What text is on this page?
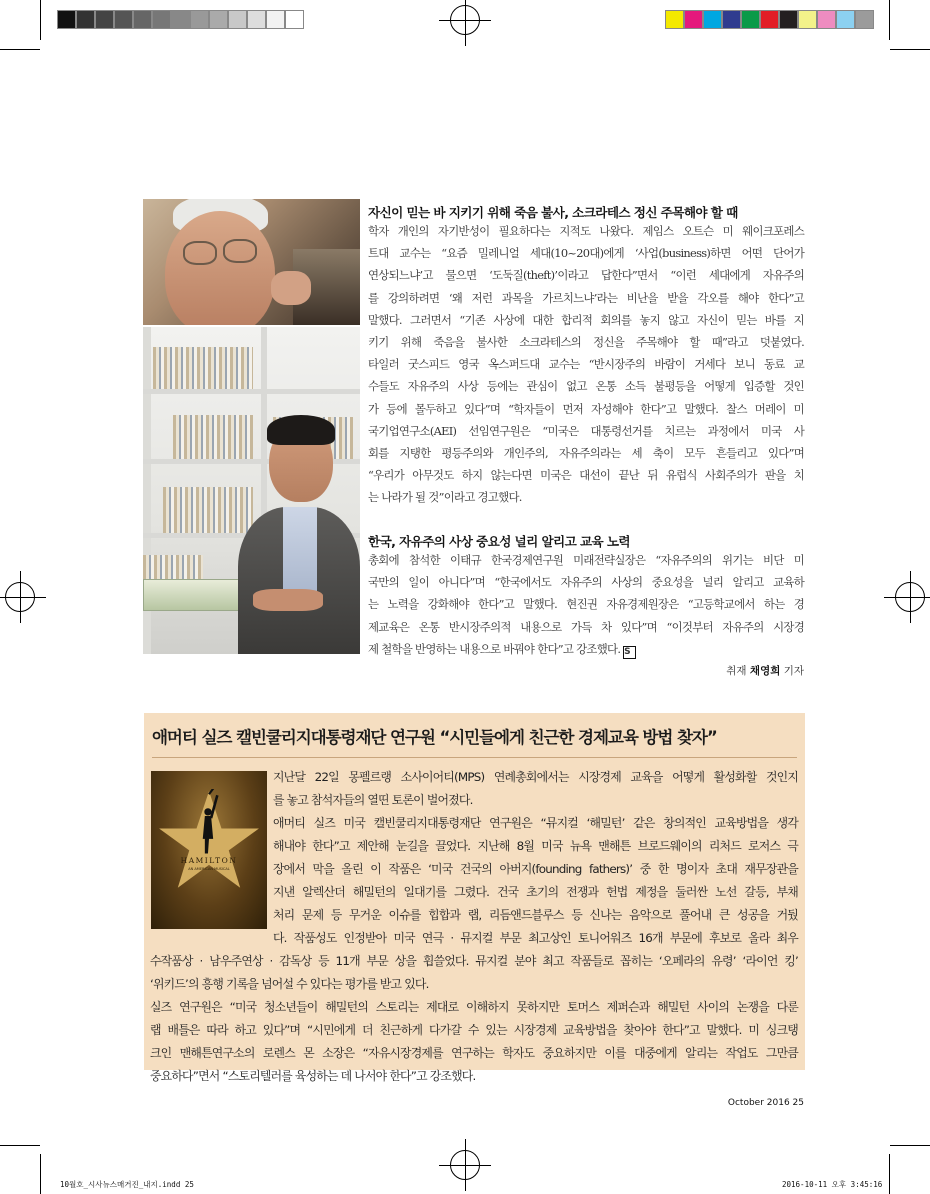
자신이 믿는 바 지키기 위해 죽음 불사, 소크라테스 정신 주목해야 할 때

학자 개인의 자기반성이 필요하다는 지적도 나왔다. 제임스 오트슨 미 웨이크포레스
트대 교수는 “요즘 밀레니얼 세대(10~20대)에게 ‘사업(business)하면 어떤 단어가
연상되느냐’고 물으면 ‘도둑질(theft)’이라고 답한다”면서 “이런 세대에게 자유주의
를 강의하려면 ‘왜 저런 과목을 가르치느냐’라는 비난을 받을 각오를 해야 한다”고
말했다. 그러면서 “기존 사상에 대한 합리적 회의를 놓지 않고 자신이 믿는 바를 지
키기 위해 죽음을 불사한 소크라테스의 정신을 주목해야 할 때”라고 덧붙였다.
타일러 굿스피드 영국 옥스퍼드대 교수는 “반시장주의 바람이 거세다 보니 동료 교
수들도 자유주의 사상 등에는 관심이 없고 온통 소득 불평등을 어떻게 입증할 것인
가 등에 몰두하고 있다”며 “학자들이 먼저 자성해야 한다”고 말했다. 찰스 머레이 미
국기업연구소(AEI) 선임연구원은 “미국은 대통령선거를 치르는 과정에서 미국 사
회를 지탱한 평등주의와 개인주의, 자유주의라는 세 축이 모두 흔들리고 있다”며
“우리가 아무것도 하지 않는다면 미국은 대선이 끝난 뒤 유럽식 사회주의가 판을 치
는 나라가 될 것”이라고 경고했다.

한국, 자유주의 사상 중요성 널리 알리고 교육 노력

총회에 참석한 이태규 한국경제연구원 미래전략실장은 “자유주의의 위기는 비단 미
국만의 일이 아니다”며 “한국에서도 자유주의 사상의 중요성을 널리 알리고 교육하
는 노력을 강화해야 한다”고 말했다. 현진권 자유경제원장은 “고등학교에서 하는 경
제교육은 온통 반시장주의적 내용으로 가득 차 있다”며 “이것부터 자유주의 시장경
제 철학을 반영하는 내용으로 바꿔야 한다”고 강조했다. S
취재 채영희 기자
애머티 실즈 캘빈쿨리지대통령재단 연구원 “시민들에게 친근한 경제교육 방법 찾자”
HAMILTON
AN AMERICAN MUSICAL
지난달 22일 몽펠르랭 소사이어티(MPS) 연례총회에서는 시장경제 교육을 어떻게 활성화할 것인지
를 놓고 참석자들의 열띤 토론이 벌어졌다.
애머티 실즈 미국 캘빈쿨리지대통령재단 연구원은 “뮤지컬 ‘해밀턴’ 같은 창의적인 교육방법을 생각
해내야 한다”고 제안해 눈길을 끌었다. 지난해 8월 미국 뉴욕 맨해튼 브로드웨이의 리처드 로저스 극
장에서 막을 올린 이 작품은 ‘미국 건국의 아버지(founding fathers)’ 중 한 명이자 초대 재무장관을
지낸 알렉산더 해밀턴의 일대기를 그렸다. 건국 초기의 전쟁과 헌법 제정을 둘러싼 노선 갈등, 부채
처리 문제 등 무거운 이슈를 힙합과 랩, 리듬앤드블루스 등 신나는 음악으로 풀어내 큰 성공을 거뒀
다. 작품성도 인정받아 미국 연극 · 뮤지컬 부문 최고상인 토니어워즈 16개 부문에 후보로 올라 최우
수작품상 · 남우주연상 · 감독상 등 11개 부문 상을 휩쓸었다. 뮤지컬 분야 최고 작품들로 꼽히는 ‘오페라의 유령’ ‘라이언 킹’
‘위키드’의 흥행 기록을 넘어설 수 있다는 평가를 받고 있다.
실즈 연구원은 “미국 청소년들이 해밀턴의 스토리는 제대로 이해하지 못하지만 토머스 제퍼슨과 해밀턴 사이의 논쟁을 다룬
랩 배틀은 따라 하고 있다”며 “시민에게 더 친근하게 다가갈 수 있는 시장경제 교육방법을 찾아야 한다”고 말했다. 미 싱크탱
크인 맨해튼연구소의 로렌스 몬 소장은 “자유시장경제를 연구하는 학자도 중요하지만 이를 대중에게 알리는 작업도 그만큼
중요하다”면서 “스토리텔러를 육성하는 데 나서야 한다”고 강조했다.
October 2016 25
10월호_시사뉴스매거진_내지.indd 25	2016-10-11 오후 3:45:16
